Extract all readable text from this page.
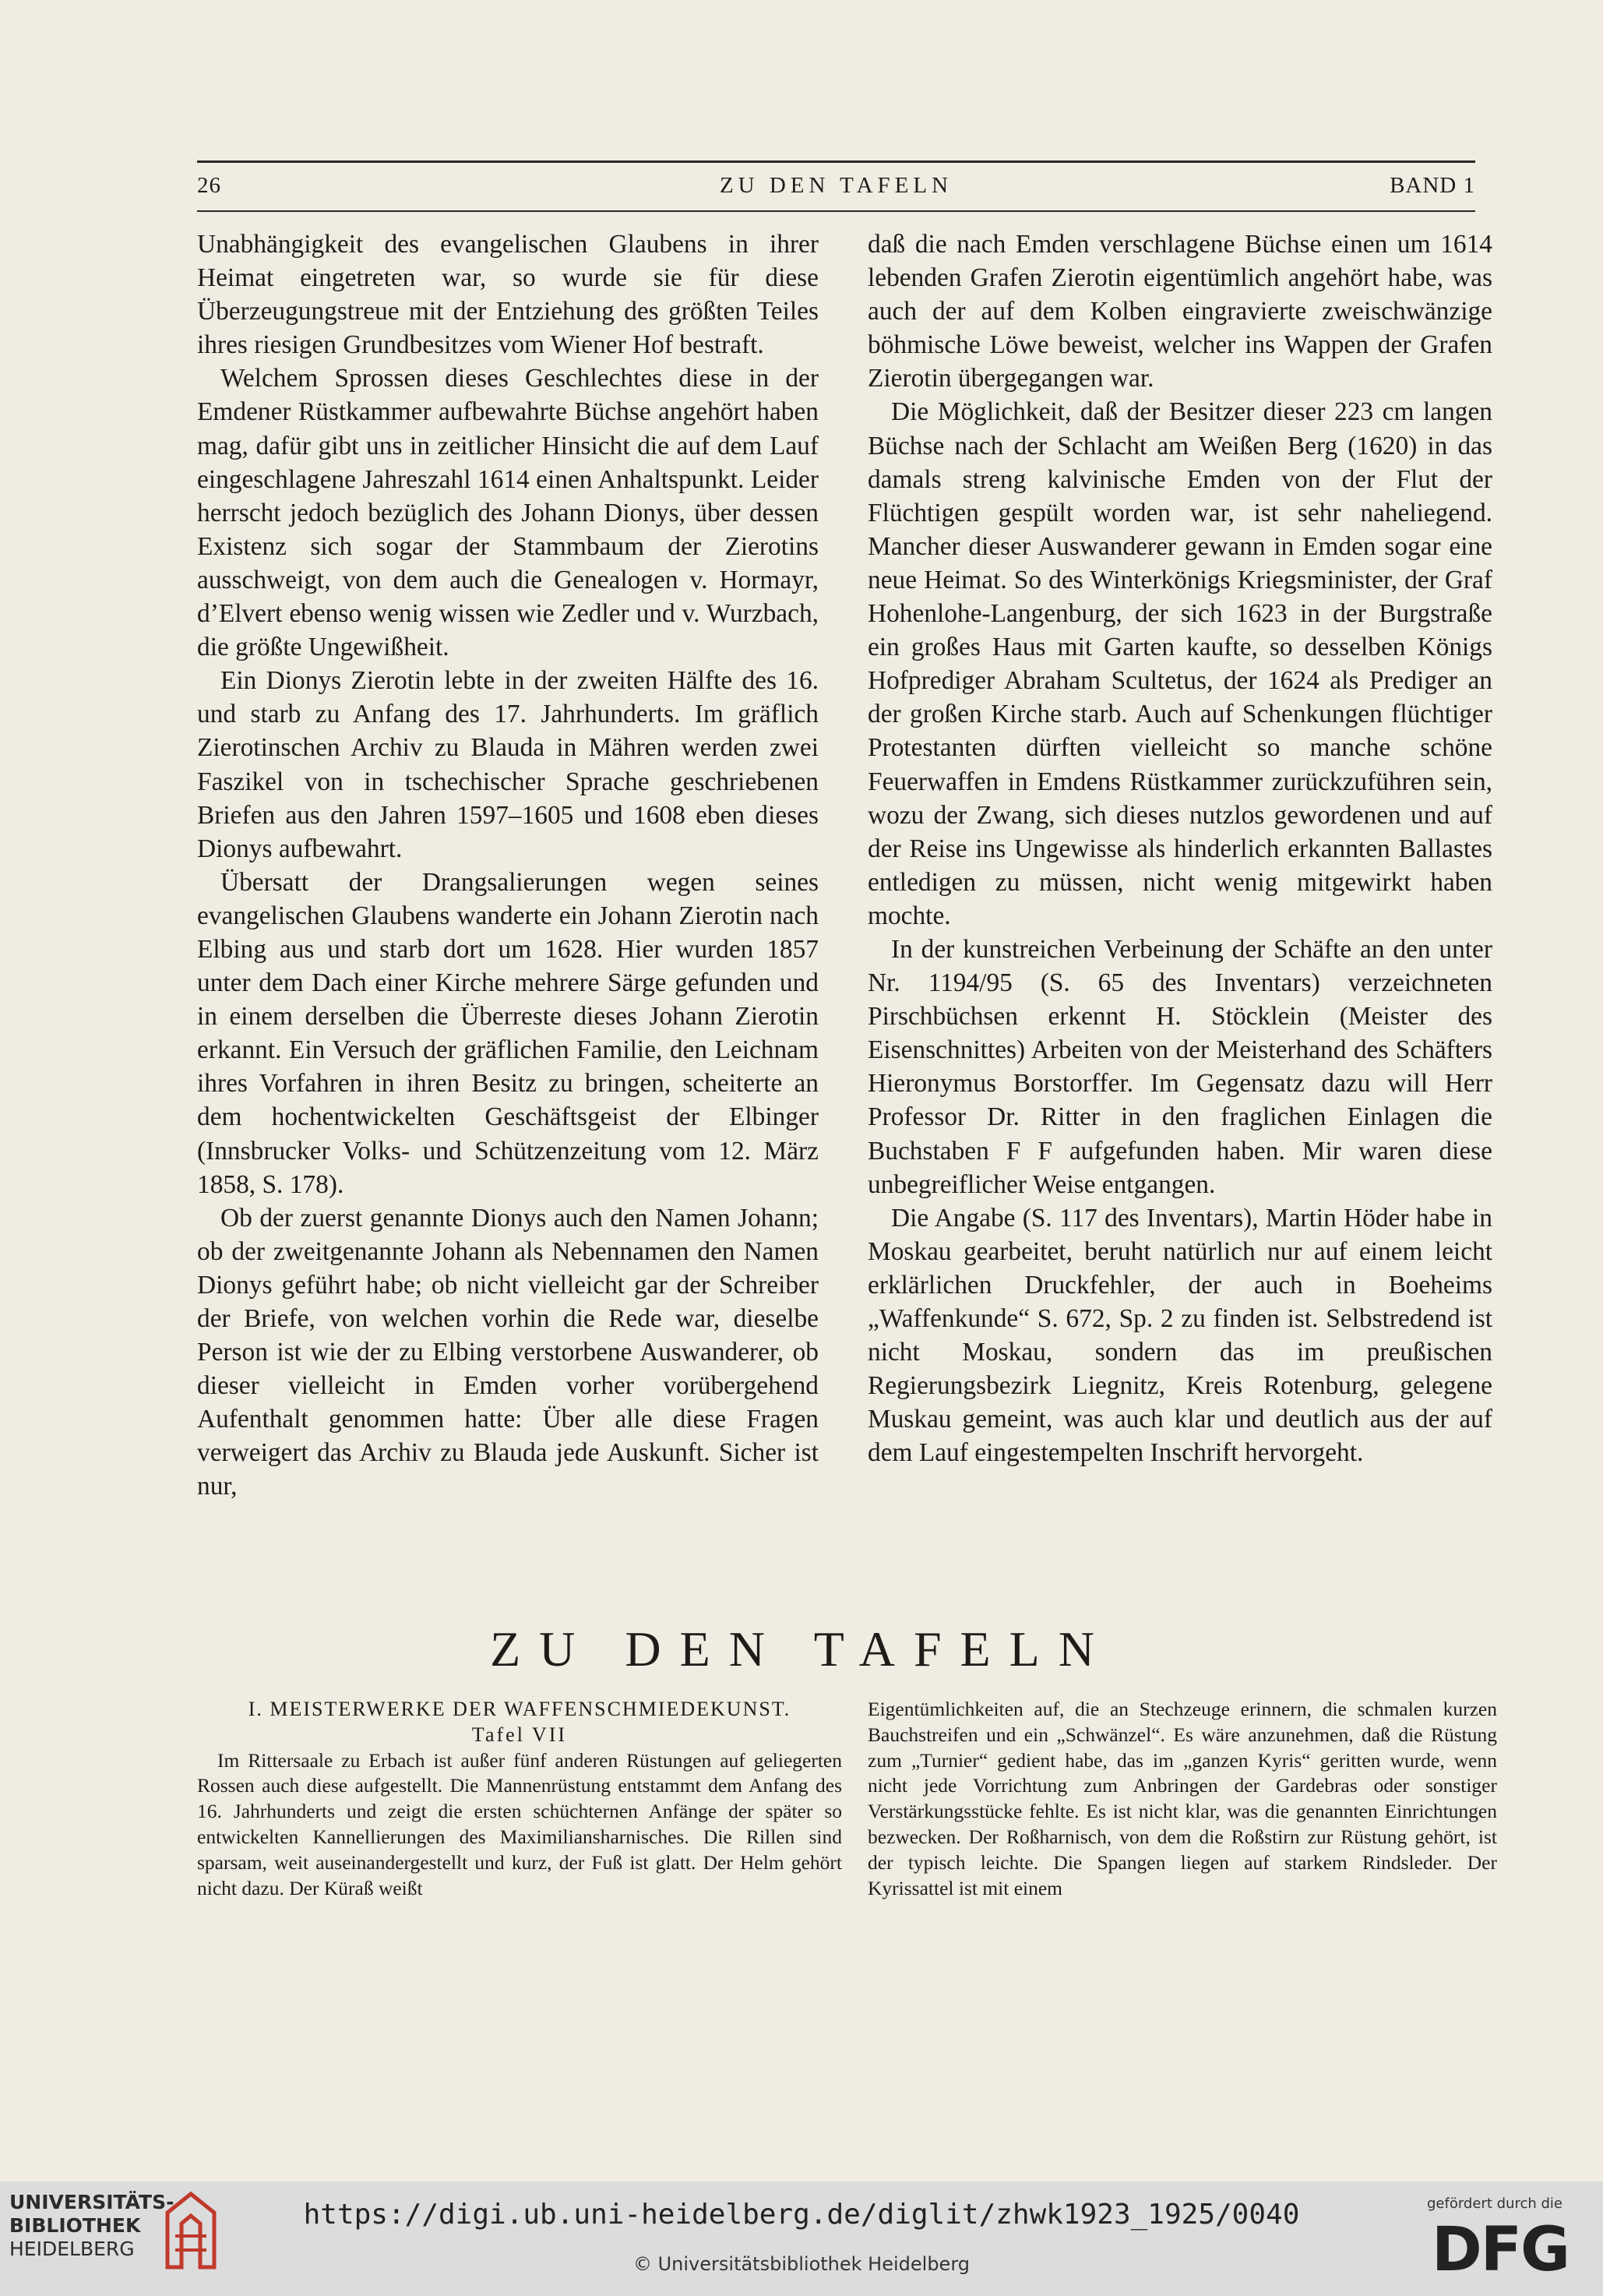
26	ZU DEN TAFELN	BAND 1

Unabhängigkeit des evangelischen Glaubens in ihrer Heimat eingetreten war, so wurde sie für diese Überzeugungstreue mit der Entziehung des größten Teiles ihres riesigen Grundbesitzes vom Wiener Hof bestraft.

Welchem Sprossen dieses Geschlechtes diese in der Emdener Rüstkammer aufbewahrte Büchse angehört haben mag, dafür gibt uns in zeitlicher Hinsicht die auf dem Lauf eingeschlagene Jahreszahl 1614 einen Anhaltspunkt. Leider herrscht jedoch bezüglich des Johann Dionys, über dessen Existenz sich sogar der Stammbaum der Zierotins ausschweigt, von dem auch die Genealogen v. Hormayr, d’Elvert ebenso wenig wissen wie Zedler und v. Wurzbach, die größte Ungewißheit.

Ein Dionys Zierotin lebte in der zweiten Hälfte des 16. und starb zu Anfang des 17. Jahrhunderts. Im gräflich Zierotinschen Archiv zu Blauda in Mähren werden zwei Faszikel von in tschechischer Sprache geschriebenen Briefen aus den Jahren 1597–1605 und 1608 eben dieses Dionys aufbewahrt.

Übersatt der Drangsalierungen wegen seines evangelischen Glaubens wanderte ein Johann Zierotin nach Elbing aus und starb dort um 1628. Hier wurden 1857 unter dem Dach einer Kirche mehrere Särge gefunden und in einem derselben die Überreste dieses Johann Zierotin erkannt. Ein Versuch der gräflichen Familie, den Leichnam ihres Vorfahren in ihren Besitz zu bringen, scheiterte an dem hochentwickelten Geschäftsgeist der Elbinger (Innsbrucker Volks- und Schützenzeitung vom 12. März 1858, S. 178).

Ob der zuerst genannte Dionys auch den Namen Johann; ob der zweitgenannte Johann als Nebennamen den Namen Dionys geführt habe; ob nicht vielleicht gar der Schreiber der Briefe, von welchen vorhin die Rede war, dieselbe Person ist wie der zu Elbing verstorbene Auswanderer, ob dieser vielleicht in Emden vorher vorübergehend Aufenthalt genommen hatte: Über alle diese Fragen verweigert das Archiv zu Blauda jede Auskunft. Sicher ist nur,

daß die nach Emden verschlagene Büchse einen um 1614 lebenden Grafen Zierotin eigentümlich angehört habe, was auch der auf dem Kolben eingravierte zweischwänzige böhmische Löwe beweist, welcher ins Wappen der Grafen Zierotin übergegangen war.

Die Möglichkeit, daß der Besitzer dieser 223 cm langen Büchse nach der Schlacht am Weißen Berg (1620) in das damals streng kalvinische Emden von der Flut der Flüchtigen gespült worden war, ist sehr naheliegend. Mancher dieser Auswanderer gewann in Emden sogar eine neue Heimat. So des Winterkönigs Kriegsminister, der Graf Hohenlohe-Langenburg, der sich 1623 in der Burgstraße ein großes Haus mit Garten kaufte, so desselben Königs Hofprediger Abraham Scultetus, der 1624 als Prediger an der großen Kirche starb. Auch auf Schenkungen flüchtiger Protestanten dürften vielleicht so manche schöne Feuerwaffen in Emdens Rüstkammer zurückzuführen sein, wozu der Zwang, sich dieses nutzlos gewordenen und auf der Reise ins Ungewisse als hinderlich erkannten Ballastes entledigen zu müssen, nicht wenig mitgewirkt haben mochte.

In der kunstreichen Verbeinung der Schäfte an den unter Nr. 1194/95 (S. 65 des Inventars) verzeichneten Pirschbüchsen erkennt H. Stöcklein (Meister des Eisenschnittes) Arbeiten von der Meisterhand des Schäfters Hieronymus Borstorffer. Im Gegensatz dazu will Herr Professor Dr. Ritter in den fraglichen Einlagen die Buchstaben F F aufgefunden haben. Mir waren diese unbegreiflicher Weise entgangen.

Die Angabe (S. 117 des Inventars), Martin Höder habe in Moskau gearbeitet, beruht natürlich nur auf einem leicht erklärlichen Druckfehler, der auch in Boeheims „Waffenkunde“ S. 672, Sp. 2 zu finden ist. Selbstredend ist nicht Moskau, sondern das im preußischen Regierungsbezirk Liegnitz, Kreis Rotenburg, gelegene Muskau gemeint, was auch klar und deutlich aus der auf dem Lauf eingestempelten Inschrift hervorgeht.

ZU DEN TAFELN

I. MEISTERWERKE DER WAFFENSCHMIEDEKUNST.

Tafel VII

Im Rittersaale zu Erbach ist außer fünf anderen Rüstungen auf geliegerten Rossen auch diese aufgestellt. Die Mannenrüstung entstammt dem Anfang des 16. Jahrhunderts und zeigt die ersten schüchternen Anfänge der später so entwickelten Kannellierungen des Maximiliansharnisches. Die Rillen sind sparsam, weit auseinandergestellt und kurz, der Fuß ist glatt. Der Helm gehört nicht dazu. Der Küraß weißt

Eigentümlichkeiten auf, die an Stechzeuge erinnern, die schmalen kurzen Bauchstreifen und ein „Schwänzel“. Es wäre anzunehmen, daß die Rüstung zum „Turnier“ gedient habe, das im „ganzen Kyris“ geritten wurde, wenn nicht jede Vorrichtung zum Anbringen der Gardebras oder sonstiger Verstärkungsstücke fehlte. Es ist nicht klar, was die genannten Einrichtungen bezwecken. Der Roßharnisch, von dem die Roßstirn zur Rüstung gehört, ist der typisch leichte. Die Spangen liegen auf starkem Rindsleder. Der Kyrissattel ist mit einem

UNIVERSITÄTS-
BIBLIOTHEK
HEIDELBERG
https://digi.ub.uni-heidelberg.de/diglit/zhwk1923_1925/0040
© Universitätsbibliothek Heidelberg
gefördert durch die
DFG
